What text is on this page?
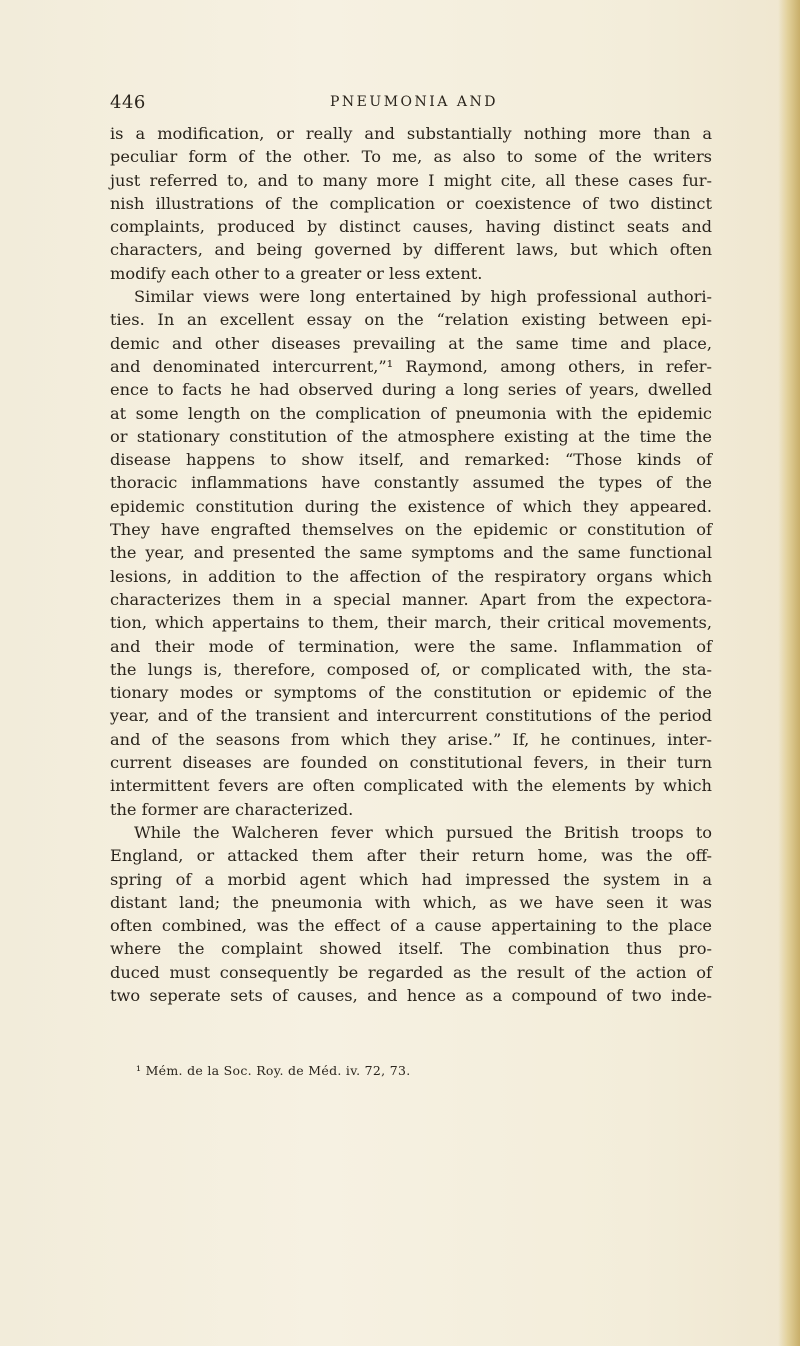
446	PNEUMONIA AND
is a modification, or really and substantially nothing more than a
peculiar form of the other. To me, as also to some of the writers
just referred to, and to many more I might cite, all these cases fur-
nish illustrations of the complication or coexistence of two distinct
complaints, produced by distinct causes, having distinct seats and
characters, and being governed by different laws, but which often
modify each other to a greater or less extent.
Similar views were long entertained by high professional authori-
ties. In an excellent essay on the “relation existing between epi-
demic and other diseases prevailing at the same time and place,
and denominated intercurrent,”¹ Raymond, among others, in refer-
ence to facts he had observed during a long series of years, dwelled
at some length on the complication of pneumonia with the epidemic
or stationary constitution of the atmosphere existing at the time the
disease happens to show itself, and remarked: “Those kinds of
thoracic inflammations have constantly assumed the types of the
epidemic constitution during the existence of which they appeared.
They have engrafted themselves on the epidemic or constitution of
the year, and presented the same symptoms and the same functional
lesions, in addition to the affection of the respiratory organs which
characterizes them in a special manner. Apart from the expectora-
tion, which appertains to them, their march, their critical movements,
and their mode of termination, were the same. Inflammation of
the lungs is, therefore, composed of, or complicated with, the sta-
tionary modes or symptoms of the constitution or epidemic of the
year, and of the transient and intercurrent constitutions of the period
and of the seasons from which they arise.” If, he continues, inter-
current diseases are founded on constitutional fevers, in their turn
intermittent fevers are often complicated with the elements by which
the former are characterized.
While the Walcheren fever which pursued the British troops to
England, or attacked them after their return home, was the off-
spring of a morbid agent which had impressed the system in a
distant land; the pneumonia with which, as we have seen it was
often combined, was the effect of a cause appertaining to the place
where the complaint showed itself. The combination thus pro-
duced must consequently be regarded as the result of the action of
two seperate sets of causes, and hence as a compound of two inde-
¹ Mém. de la Soc. Roy. de Méd. iv. 72, 73.
